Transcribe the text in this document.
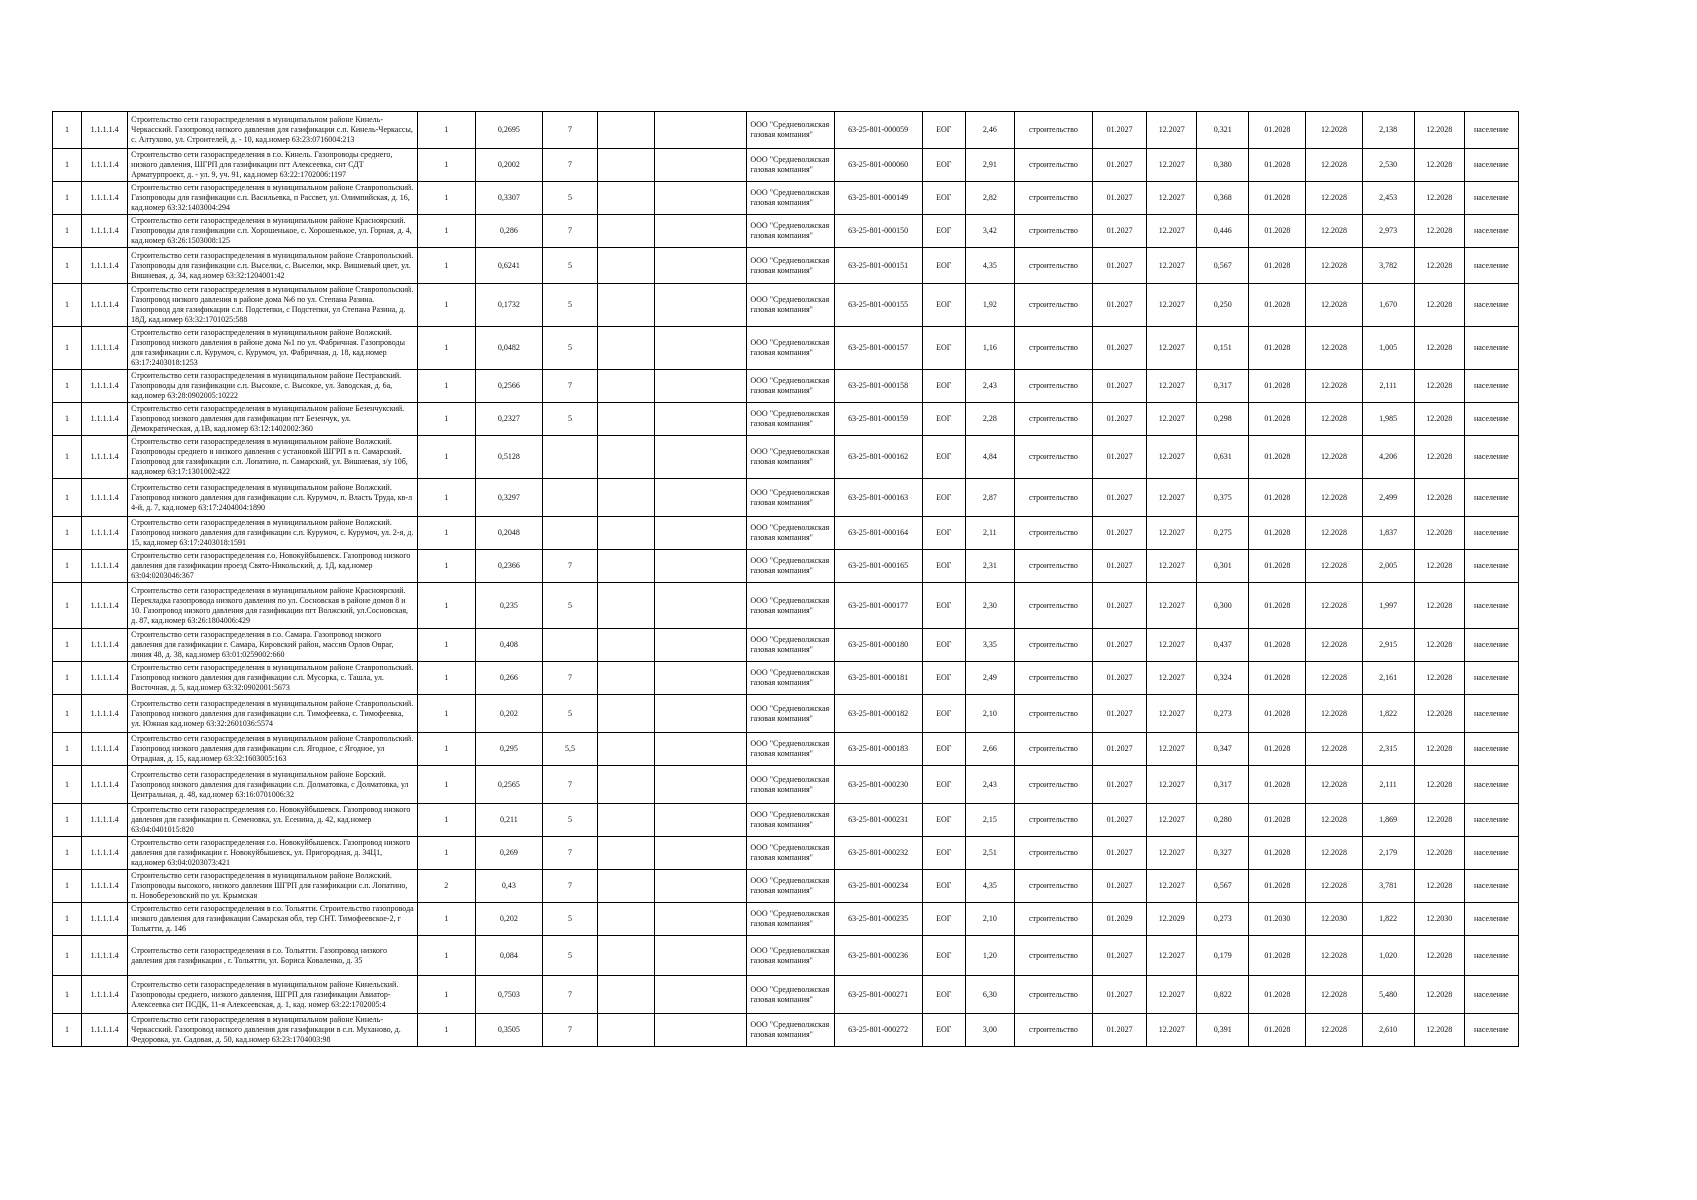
1	1.1.1.1.4	Строительство сети газораспределения в муниципальном районе Кинель-Черкасский. Газопровод низкого давления для газификации с.п. Кинель-Черкассы, с. Алтухово, ул. Строителей, д. - 10, кад.номер 63:23:0716004:213	1	0,2695	7			ООО "Средневолжская газовая компания"	63-25-801-000059	ЕОГ	2,46	строительство	01.2027	12.2027	0,321	01.2028	12.2028	2,138	12.2028	население
1	1.1.1.1.4	Строительство сети газораспределения в г.о. Кинель. Газопроводы среднего, низкого давления, ШГРП для газификации пгт Алексеевка, снт СДТ Арматурпроект, д. - ул. 9, уч. 91, кад.номер 63:22:1702006:1197	1	0,2002	7			ООО "Средневолжская газовая компания"	63-25-801-000060	ЕОГ	2,91	строительство	01.2027	12.2027	0,380	01.2028	12.2028	2,530	12.2028	население
1	1.1.1.1.4	Строительство сети газораспределения в муниципальном районе Ставропольский. Газопроводы для газификации с.п. Васильевка, п Рассвет, ул. Олимпийская, д. 16, кад.номер 63:32:1403004:294	1	0,3307	5			ООО "Средневолжская газовая компания"	63-25-801-000149	ЕОГ	2,82	строительство	01.2027	12.2027	0,368	01.2028	12.2028	2,453	12.2028	население
1	1.1.1.1.4	Строительство сети газораспределения в муниципальном районе Красноярский. Газопроводы для газификации с.п. Хорошенькое, с. Хорошенькое, ул. Горная, д. 4, кад.номер 63:26:1503008:125	1	0,286	7			ООО "Средневолжская газовая компания"	63-25-801-000150	ЕОГ	3,42	строительство	01.2027	12.2027	0,446	01.2028	12.2028	2,973	12.2028	население
1	1.1.1.1.4	Строительство сети газораспределения в муниципальном районе Ставропольский. Газопроводы для газификации с.п. Выселки, с. Выселки, мкр. Вишневый цвет, ул. Вишневая, д. 34, кад.номер 63:32:1204001:42	1	0,6241	5			ООО "Средневолжская газовая компания"	63-25-801-000151	ЕОГ	4,35	строительство	01.2027	12.2027	0,567	01.2028	12.2028	3,782	12.2028	население
1	1.1.1.1.4	Строительство сети газораспределения в муниципальном районе Ставропольский. Газопровод низкого давления в районе дома №6 по ул. Степана Разина. Газопровод для газификации с.п. Подстепки, с Подстепки, ул Степана Разина, д. 18Д, кад.номер 63:32:1701025:588	1	0,1732	5			ООО "Средневолжская газовая компания"	63-25-801-000155	ЕОГ	1,92	строительство	01.2027	12.2027	0,250	01.2028	12.2028	1,670	12.2028	население
1	1.1.1.1.4	Строительство сети газораспределения в муниципальном районе Волжский. Газопровод низкого давления в районе дома №1 по ул. Фабричная. Газопроводы для газификации с.п. Курумоч, с. Курумоч, ул. Фабричная, д. 18, кад.номер 63:17:2403018:1253	1	0,0482	5			ООО "Средневолжская газовая компания"	63-25-801-000157	ЕОГ	1,16	строительство	01.2027	12.2027	0,151	01.2028	12.2028	1,005	12.2028	население
1	1.1.1.1.4	Строительство сети газораспределения в муниципальном районе Пестравский. Газопроводы для газификации с.п. Высокое, с. Высокое, ул. Заводская, д. 6а, кад.номер 63:28:0902005:10222	1	0,2566	7			ООО "Средневолжская газовая компания"	63-25-801-000158	ЕОГ	2,43	строительство	01.2027	12.2027	0,317	01.2028	12.2028	2,111	12.2028	население
1	1.1.1.1.4	Строительство сети газораспределения в муниципальном районе Безенчукский. Газопровод низкого давления для газификации пгт Безенчук, ул. Демократическая, д.1В, кад.номер 63:12:1402002:360	1	0,2327	5			ООО "Средневолжская газовая компания"	63-25-801-000159	ЕОГ	2,28	строительство	01.2027	12.2027	0,298	01.2028	12.2028	1,985	12.2028	население
1	1.1.1.1.4	Строительство сети газораспределения в муниципальном районе Волжский. Газопроводы среднего и низкого давления с установкой ШГРП в п. Самарский. Газопровод для газификации с.п. Лопатино, п. Самарский, ул. Вишневая, з/у 10б, кад.номер 63:17:1301002:422	1	0,5128				ООО "Средневолжская газовая компания"	63-25-801-000162	ЕОГ	4,84	строительство	01.2027	12.2027	0,631	01.2028	12.2028	4,206	12.2028	население
1	1.1.1.1.4	Строительство сети газораспределения в муниципальном районе Волжский. Газопровод низкого давления для газификации с.п. Курумоч, п. Власть Труда, кв-л 4-й, д. 7, кад.номер 63:17:2404004:1890	1	0,3297				ООО "Средневолжская газовая компания"	63-25-801-000163	ЕОГ	2,87	строительство	01.2027	12.2027	0,375	01.2028	12.2028	2,499	12.2028	население
1	1.1.1.1.4	Строительство сети газораспределения в муниципальном районе Волжский. Газопровод низкого давления для газификации с.п. Курумоч, с. Курумоч, ул. 2-я, д. 15, кад.номер 63:17:2403018:1591	1	0,2048				ООО "Средневолжская газовая компания"	63-25-801-000164	ЕОГ	2,11	строительство	01.2027	12.2027	0,275	01.2028	12.2028	1,837	12.2028	население
1	1.1.1.1.4	Строительство сети газораспределения г.о. Новокуйбышевск. Газопровод низкого давления для газификации проезд Свято-Никольский, д. 1Д, кад.номер 63:04:0203046:367	1	0,2366	7			ООО "Средневолжская газовая компания"	63-25-801-000165	ЕОГ	2,31	строительство	01.2027	12.2027	0,301	01.2028	12.2028	2,005	12.2028	население
1	1.1.1.1.4	Строительство сети газораспределения в муниципальном районе Красноярский. Перекладка газопровода низкого давления по ул. Сосновская в районе домов 8 и 10. Газопровод низкого давления для газификации пгт Волжский, ул.Сосновская, д. 87, кад.номер 63:26:1804006:429	1	0,235	5			ООО "Средневолжская газовая компания"	63-25-801-000177	ЕОГ	2,30	строительство	01.2027	12.2027	0,300	01.2028	12.2028	1,997	12.2028	население
1	1.1.1.1.4	Строительство сети газораспределения в г.о. Самара. Газопровод низкого давления для газификации г. Самара, Кировский район, массив Орлов Овраг, линия 48, д. 38, кад.номер 63:01:0259002:660	1	0,408				ООО "Средневолжская газовая компания"	63-25-801-000180	ЕОГ	3,35	строительство	01.2027	12.2027	0,437	01.2028	12.2028	2,915	12.2028	население
1	1.1.1.1.4	Строительство сети газораспределения в муниципальном районе Ставропольский. Газопровод низкого давления для газификации с.п. Мусорка, с. Ташла, ул. Восточная, д. 5, кад.номер 63:32:0902001:5673	1	0,266	7			ООО "Средневолжская газовая компания"	63-25-801-000181	ЕОГ	2,49	строительство	01.2027	12.2027	0,324	01.2028	12.2028	2,161	12.2028	население
1	1.1.1.1.4	Строительство сети газораспределения в муниципальном районе Ставропольский. Газопровод низкого давления для газификации с.п. Тимофеевка, с. Тимофеевка, ул. Южная кад.номер 63:32:2601036:5574	1	0,202	5			ООО "Средневолжская газовая компания"	63-25-801-000182	ЕОГ	2,10	строительство	01.2027	12.2027	0,273	01.2028	12.2028	1,822	12.2028	население
1	1.1.1.1.4	Строительство сети газораспределения в муниципальном районе Ставропольский. Газопровод низкого давления для газификации с.п. Ягодное, с Ягодное, ул Отрадная, д. 15, кад.номер 63:32:1603005:163	1	0,295	5,5			ООО "Средневолжская газовая компания"	63-25-801-000183	ЕОГ	2,66	строительство	01.2027	12.2027	0,347	01.2028	12.2028	2,315	12.2028	население
1	1.1.1.1.4	Строительство сети газораспределения в муниципальном районе Борский. Газопровод низкого давления для газификации с.п. Долматовка, с Долматовка, ул Центральная, д. 48, кад.номер 63:16:0701006:32	1	0,2565	7			ООО "Средневолжская газовая компания"	63-25-801-000230	ЕОГ	2,43	строительство	01.2027	12.2027	0,317	01.2028	12.2028	2,111	12.2028	население
1	1.1.1.1.4	Строительство сети газораспределения г.о. Новокуйбышевск. Газопровод низкого давления для газификации п. Семеновка, ул. Есенина, д. 42, кад.номер 63:04:0401015:820	1	0,211	5			ООО "Средневолжская газовая компания"	63-25-801-000231	ЕОГ	2,15	строительство	01.2027	12.2027	0,280	01.2028	12.2028	1,869	12.2028	население
1	1.1.1.1.4	Строительство сети газораспределения г.о. Новокуйбышевск. Газопровод низкого давления для газификации г. Новокуйбышевск, ул. Пригородная, д. 34Ц1, кад.номер 63:04:0203073:421	1	0,269	7			ООО "Средневолжская газовая компания"	63-25-801-000232	ЕОГ	2,51	строительство	01.2027	12.2027	0,327	01.2028	12.2028	2,179	12.2028	население
1	1.1.1.1.4	Строительство сети газораспределения в муниципальном районе Волжский. Газопроводы высокого, низкого давления ШГРП для газификации с.п. Лопатино, п. Новоберезовский по ул. Крымская	2	0,43	7			ООО "Средневолжская газовая компания"	63-25-801-000234	ЕОГ	4,35	строительство	01.2027	12.2027	0,567	01.2028	12.2028	3,781	12.2028	население
1	1.1.1.1.4	Строительство сети газораспределения в г.о. Тольятти. Строительство газопровода низкого давления для газификации Самарская обл, тер СНТ. Тимофеевское-2, г Тольятти, д. 146	1	0,202	5			ООО "Средневолжская газовая компания"	63-25-801-000235	ЕОГ	2,10	строительство	01.2029	12.2029	0,273	01.2030	12.2030	1,822	12.2030	население
1	1.1.1.1.4	Строительство сети газораспределения в г.о. Тольятти. Газопровод низкого давления для газификации , г. Тольятти, ул. Бориса Коваленко, д. 35	1	0,084	5			ООО "Средневолжская газовая компания"	63-25-801-000236	ЕОГ	1,20	строительство	01.2027	12.2027	0,179	01.2028	12.2028	1,020	12.2028	население
1	1.1.1.1.4	Строительство сети газораспределения в муниципальном районе Кинельский. Газопроводы среднего, низкого давления, ШГРП для газификации Авиатор-Алексеевка снт ПСДК, 11-я Алексеевская, д. 1, кад. номер 63:22:1702005:4	1	0,7503	7			ООО "Средневолжская газовая компания"	63-25-801-000271	ЕОГ	6,30	строительство	01.2027	12.2027	0,822	01.2028	12.2028	5,480	12.2028	население
1	1.1.1.1.4	Строительство сети газораспределения в муниципальном районе Кинель-Черкасский. Газопровод низкого давления для газификации в с.п. Муханово, д. Федоровка, ул. Садовая, д. 50, кад.номер 63:23:1704003:98	1	0,3505	7			ООО "Средневолжская газовая компания"	63-25-801-000272	ЕОГ	3,00	строительство	01.2027	12.2027	0,391	01.2028	12.2028	2,610	12.2028	население
